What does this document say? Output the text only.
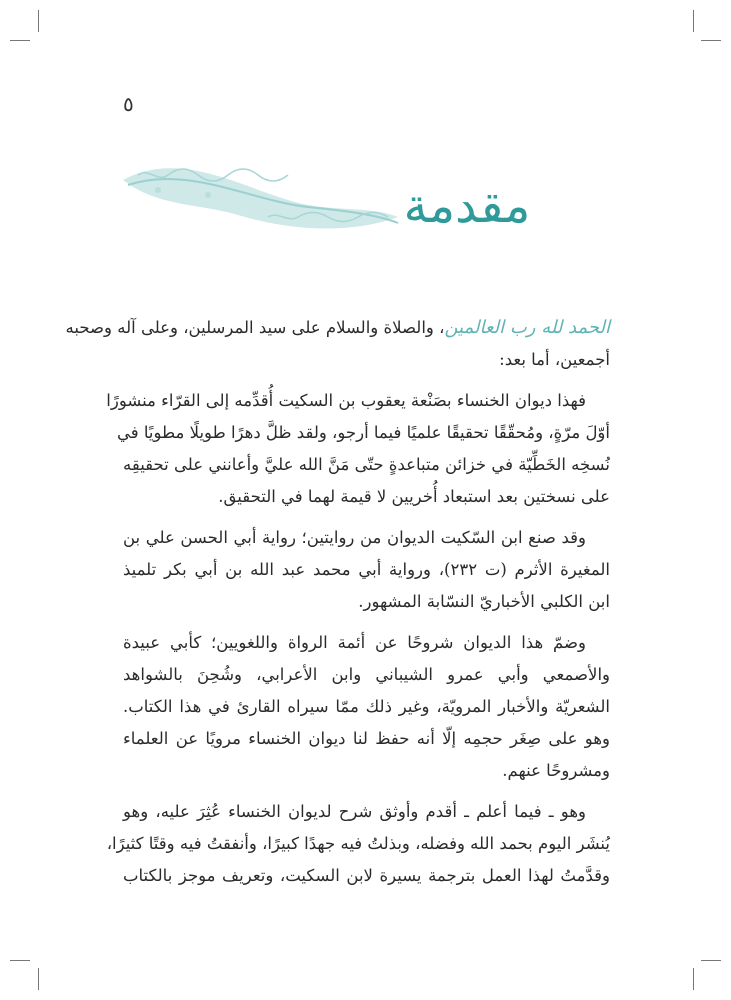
٥
مقدمة
الحمد لله رب العالمين، والصلاة والسلام على سيد المرسلين، وعلى آله وصحبه
أجمعين، أما بعد:
فهذا ديوان الخنساء بصَنْعة يعقوب بن السكيت أُقدِّمه إلى القرّاء منشورًا
أوّلَ مرّةٍ، ومُحقّقًا تحقيقًا علميًا فيما أرجو، ولقد ظلَّ دهرًا طويلًا مطويًا في
نُسخِه الخَطِّيّة في خزائن متباعدةٍ حتّى مَنَّ الله عليَّ وأعانني على تحقيقِه
على نسختين بعد استبعاد أُخريين لا قيمة لهما في التحقيق.
وقد صنع ابن السّكيت الديوان من روايتين؛ رواية أبي الحسن علي بن
المغيرة الأثرم (ت ٢٣٢)، ورواية أبي محمد عبد الله بن أبي بكر تلميذ
ابن الكلبي الأخباريّ النسّابة المشهور.
وضمّ هذا الديوان شروحًا عن أئمة الرواة واللغويين؛ كأبي عبيدة
والأصمعي وأبي عمرو الشيباني وابن الأعرابي، وشُحِنَ بالشواهد
الشعريّة والأخبار المرويّة، وغير ذلك ممّا سيراه القارئ في هذا الكتاب.
وهو على صِغَر حجمِه إلّا أنه حفظ لنا ديوان الخنساء مرويًا عن العلماء
ومشروحًا عنهم.
وهو ـ فيما أعلم ـ أقدم وأوثق شرح لديوان الخنساء عُثِرَ عليه، وهو
يُنشَر اليوم بحمد الله وفضله، وبذلتُ فيه جهدًا كبيرًا، وأنفقتُ فيه وقتًا كثيرًا،
وقدَّمتُ لهذا العمل بترجمة يسيرة لابن السكيت، وتعريف موجز بالكتاب
